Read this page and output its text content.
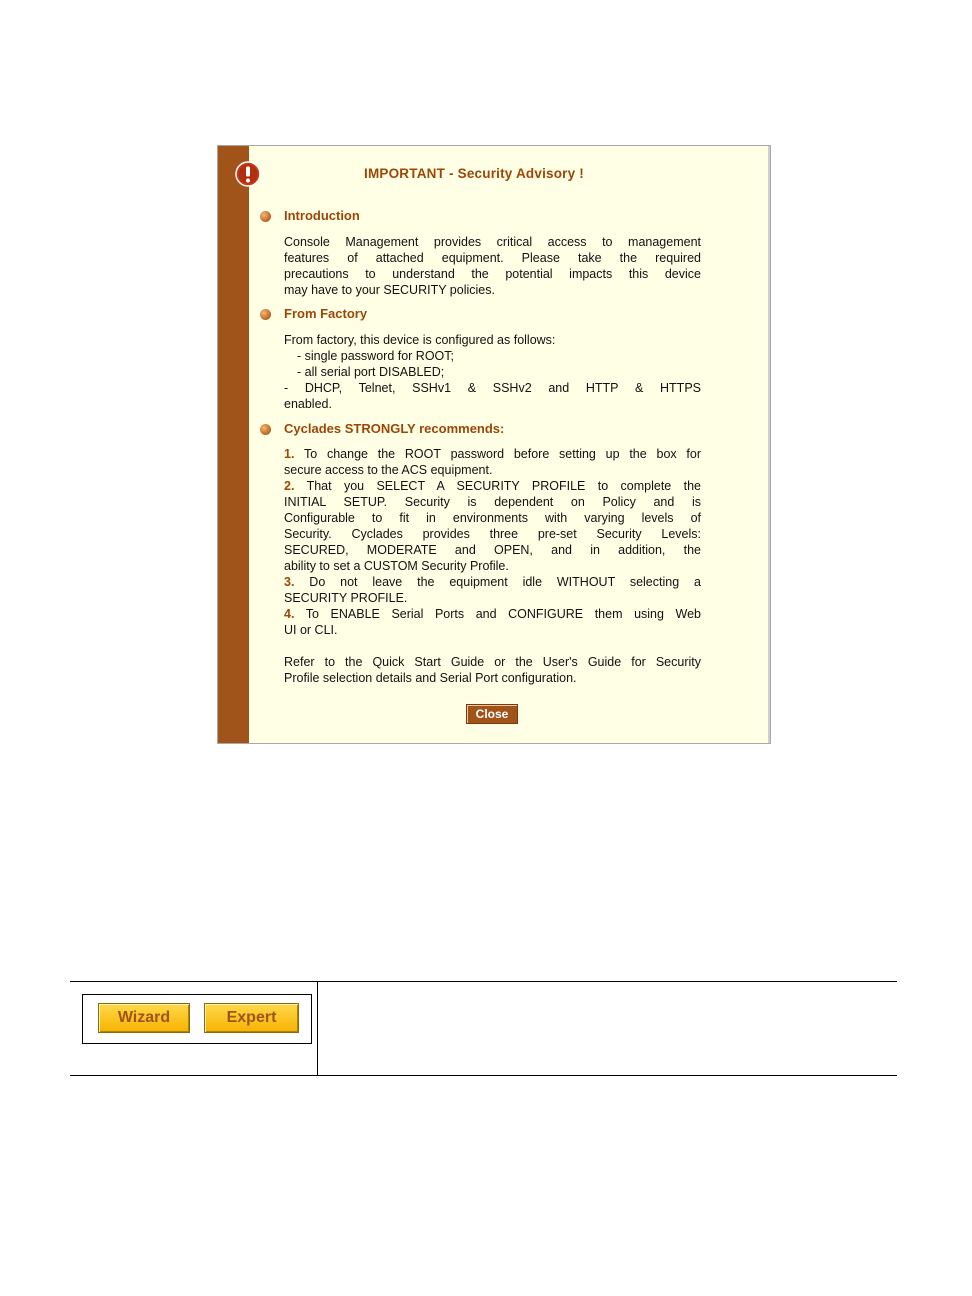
IMPORTANT - Security Advisory !
Introduction
Console Management provides critical access to management
features of attached equipment. Please take the required
precautions to understand the potential impacts this device
may have to your SECURITY policies.
From Factory
From factory, this device is configured as follows:
- single password for ROOT;
- all serial port DISABLED;
- DHCP, Telnet, SSHv1 & SSHv2 and HTTP & HTTPS
enabled.
Cyclades STRONGLY recommends:
1. To change the ROOT password before setting up the box for
secure access to the ACS equipment.
2. That you SELECT A SECURITY PROFILE to complete the
INITIAL SETUP. Security is dependent on Policy and is
Configurable to fit in environments with varying levels of
Security. Cyclades provides three pre-set Security Levels:
SECURED, MODERATE and OPEN, and in addition, the
ability to set a CUSTOM Security Profile.
3. Do not leave the equipment idle WITHOUT selecting a
SECURITY PROFILE.
4. To ENABLE Serial Ports and CONFIGURE them using Web
UI or CLI.
Refer to the Quick Start Guide or the User's Guide for Security
Profile selection details and Serial Port configuration.
Close
Wizard	Expert
